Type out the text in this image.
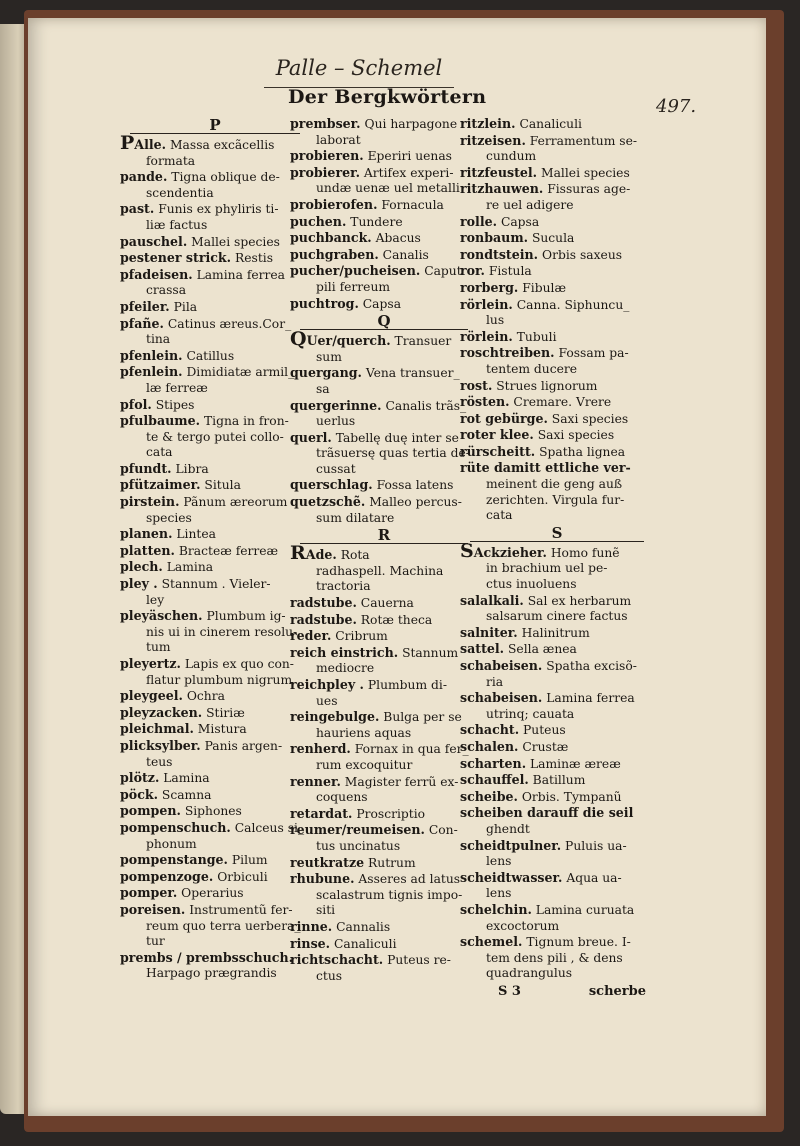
Palle – Schemel
497.
Der Bergkwörtern
P

PAlle. Massa excãcellis
formata

pande. Tigna oblique de-
scendentia

past. Funis ex phyliris ti-
liæ factus

pauschel. Mallei species

pestener strick. Restis

pfadeisen. Lamina ferrea
crassa

pfeiler. Pila

pfañe. Catinus æreus.Cor_
tina

pfenlein. Catillus

pfenlein. Dimidiatæ armil_
læ ferreæ

pfol. Stipes

pfulbaume. Tigna in fron-
te & tergo putei collo-

cata

pfundt. Libra

pfützaimer. Situla

pirstein. Pãnum æreorum
species

planen. Lintea

platten. Bracteæ ferreæ

plech. Lamina

pley . Stannum . Vieler-
ley

pleyäschen. Plumbum ig-
nis ui in cinerem resolu-

tum

pleyertz. Lapis ex quo con-
flatur plumbum nigrum

pleygeel. Ochra

pleyzacken. Stiriæ

pleichmal. Mistura

plicksylber. Panis argen-
teus

plötz. Lamina

pöck. Scamna

pompen. Siphones

pompenschuch. Calceus si_
phonum

pompenstange. Pilum

pompenzoge. Orbiculi

pomper. Operarius

poreisen. Instrumentũ fer-
reum quo terra uerbera_

tur

prembs / prembsschuch.
Harpago prægrandis

prembser. Qui harpagone
laborat

probieren. Eperiri uenas

probierer. Artifex experi-
undæ uenæ uel metalli

probierofen. Fornacula

puchen. Tundere

puchbanck. Abacus

puchgraben. Canalis

pucher/pucheisen. Caput
pili ferreum

puchtrog. Capsa

Q

QUer/querch. Transuer
sum

quergang. Vena transuer_
sa

quergerinne. Canalis trãs_
uerlus

querl. Tabellę duę inter se
trãsuersę quas tertia de-

cussat

querschlag. Fossa latens

quetzschẽ. Malleo percus-
sum dilatare

R

RAde. Rota

radhaspell. Machina

tractoria

radstube. Cauerna

radstube. Rotæ theca

reder. Cribrum

reich einstrich. Stannum
mediocre

reichpley . Plumbum di-
ues

reingebulge. Bulga per se
hauriens aquas

renherd. Fornax in qua fer_
rum excoquitur

renner. Magister ferrũ ex-
coquens

retardat. Proscriptio

reumer/reumeisen. Con-
tus uncinatus

reutkratze Rutrum

rhubune. Asseres ad latus
scalastrum tignis impo-

siti

rinne. Cannalis

rinse. Canaliculi

richtschacht. Puteus re-
ctus

ritzlein. Canaliculi

ritzeisen. Ferramentum se-
cundum

ritzfeustel. Mallei species

ritzhauwen. Fissuras age-
re uel adigere

rolle. Capsa

ronbaum. Sucula

rondtstein. Orbis saxeus

ror. Fistula

rorberg. Fibulæ

rörlein. Canna. Siphuncu_
lus

rörlein. Tubuli

roschtreiben. Fossam pa-
tentem ducere

rost. Strues lignorum

rösten. Cremare. Vrere

rot gebürge. Saxi species

roter klee. Saxi species

rürscheitt. Spatha lignea

rüte damitt ettliche ver-
meinent die geng auß

zerichten. Virgula fur-

cata

S

SAckzieher. Homo funẽ
in brachium uel pe-

ctus inuoluens

salalkali. Sal ex herbarum
salsarum cinere factus

salniter. Halinitrum

sattel. Sella ænea

schabeisen. Spatha excisõ-
ria

schabeisen. Lamina ferrea
utrinq; cauata

schacht. Puteus

schalen. Crustæ

scharten. Laminæ æreæ

schauffel. Batillum

scheibe. Orbis. Tympanũ

scheiben darauff die seil
ghendt

scheidtpulner. Puluis ua-
lens

scheidtwasser. Aqua ua-
lens

schelchin. Lamina curuata
excoctorum

schemel. Tignum breue. I-
tem dens pili , & dens

quadrangulus

S 3	scherbe
